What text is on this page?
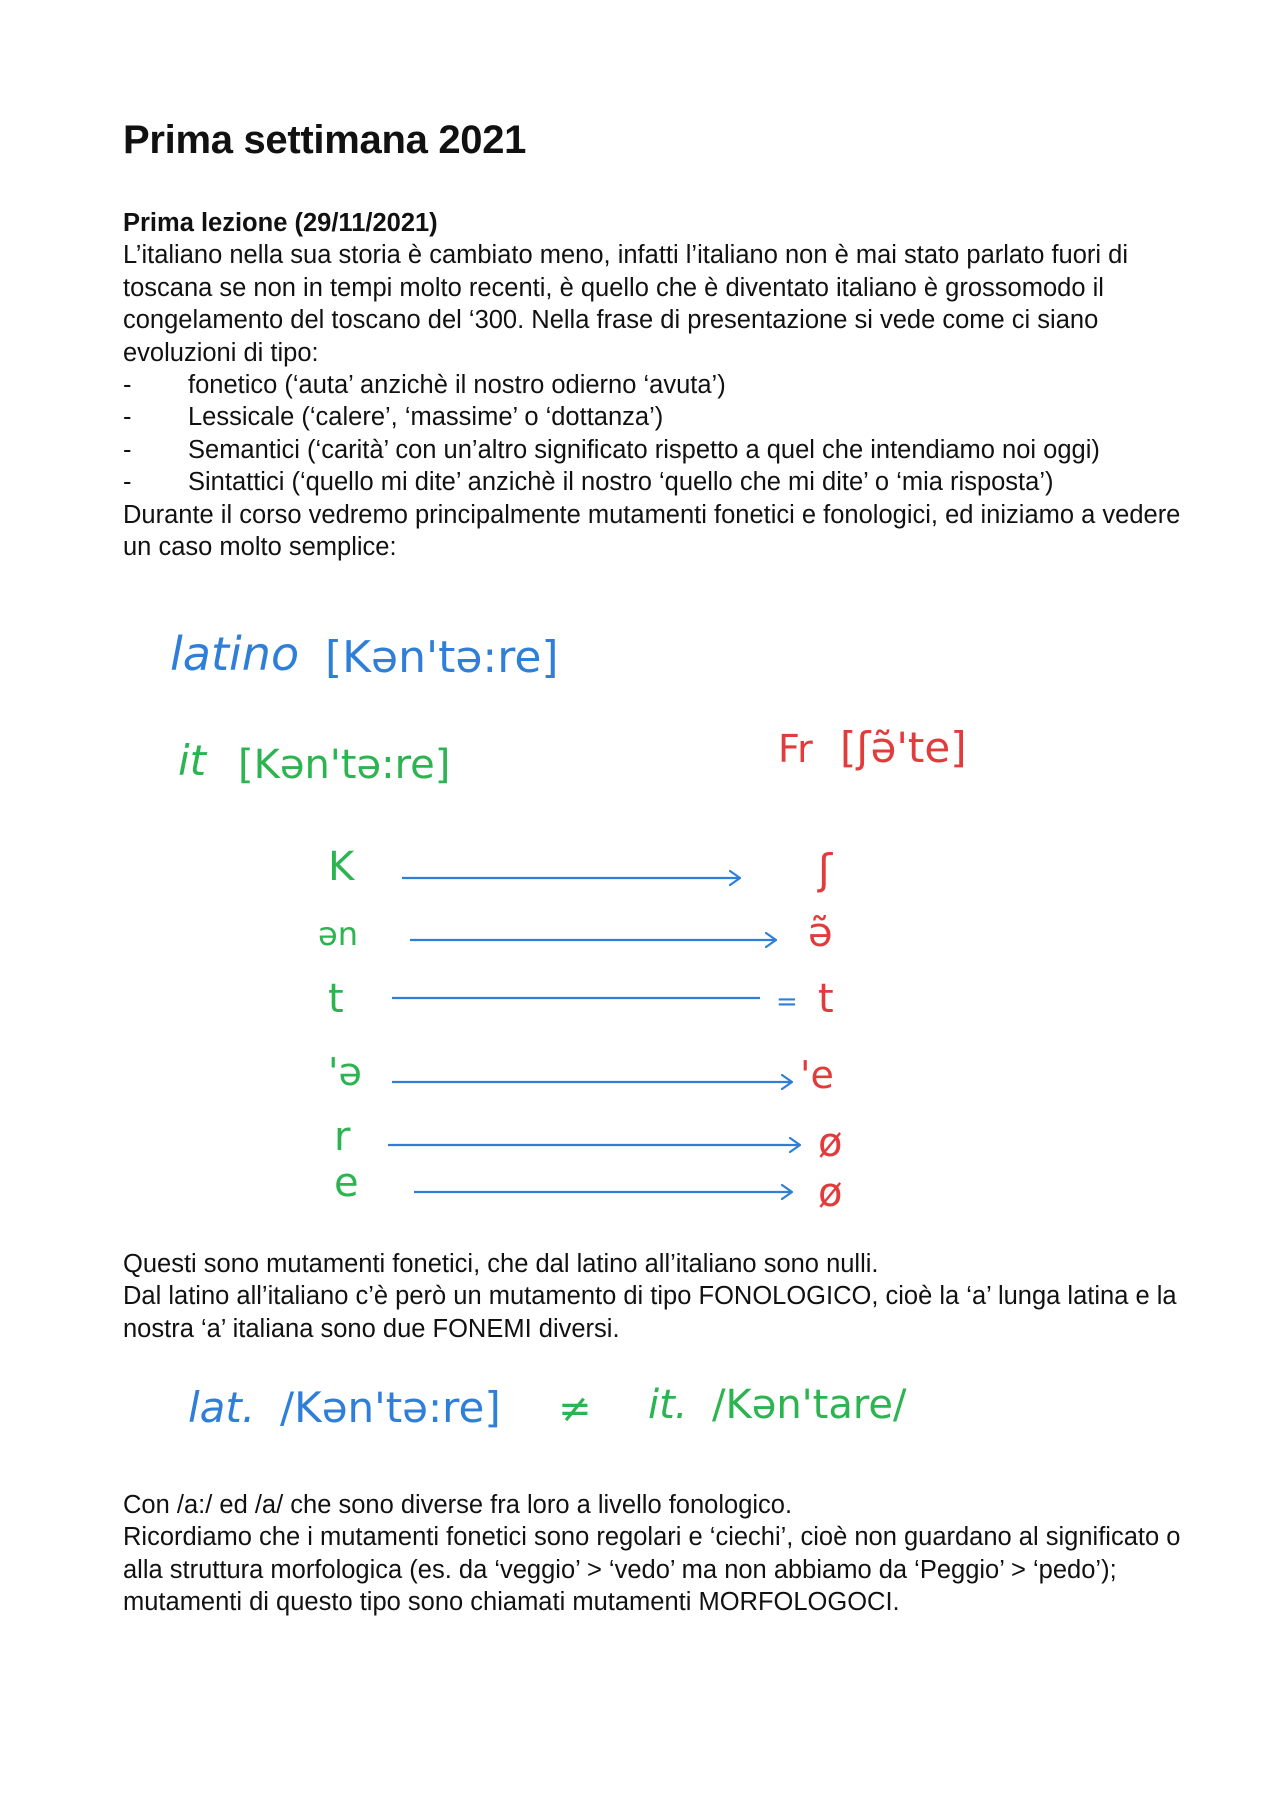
Prima settimana 2021
Prima lezione (29/11/2021)
L’italiano nella sua storia è cambiato meno, infatti l’italiano non è mai stato parlato fuori di toscana se non in tempi molto recenti, è quello che è diventato italiano è grossomodo il congelamento del toscano del ‘300. Nella frase di presentazione si vede come ci siano evoluzioni di tipo:
- fonetico (‘auta’ anzichè il nostro odierno ‘avuta’)
- Lessicale (‘calere’, ‘massime’ o ‘dottanza’)
- Semantici (‘carità’ con un’altro significato rispetto a quel che intendiamo noi oggi)
- Sintattici (‘quello mi dite’ anzichè il nostro ‘quello che mi dite’ o ‘mia risposta’)
Durante il corso vedremo principalmente mutamenti fonetici e fonologici, ed iniziamo a vedere un caso molto semplice:
latino [Kən'tə:re]
it [Kən'tə:re]	Fr [ʃə̃'te]
K	ʃ
ən	ə̃
t	= t
'ə	'e
r	ø
e	ø
Questi sono mutamenti fonetici, che dal latino all’italiano sono nulli.
Dal latino all’italiano c’è però un mutamento di tipo FONOLOGICO, cioè la ‘a’ lunga latina e la nostra ‘a’ italiana sono due FONEMI diversi.
lat. /Kən'tə:re] ≠ it. /Kən'tare/
Con /a:/ ed /a/ che sono diverse fra loro a livello fonologico.
Ricordiamo che i mutamenti fonetici sono regolari e ‘ciechi’, cioè non guardano al significato o alla struttura morfologica (es. da ‘veggio’ > ‘vedo’ ma non abbiamo da ‘Peggio’ > ‘pedo’); mutamenti di questo tipo sono chiamati mutamenti MORFOLOGOCI.
